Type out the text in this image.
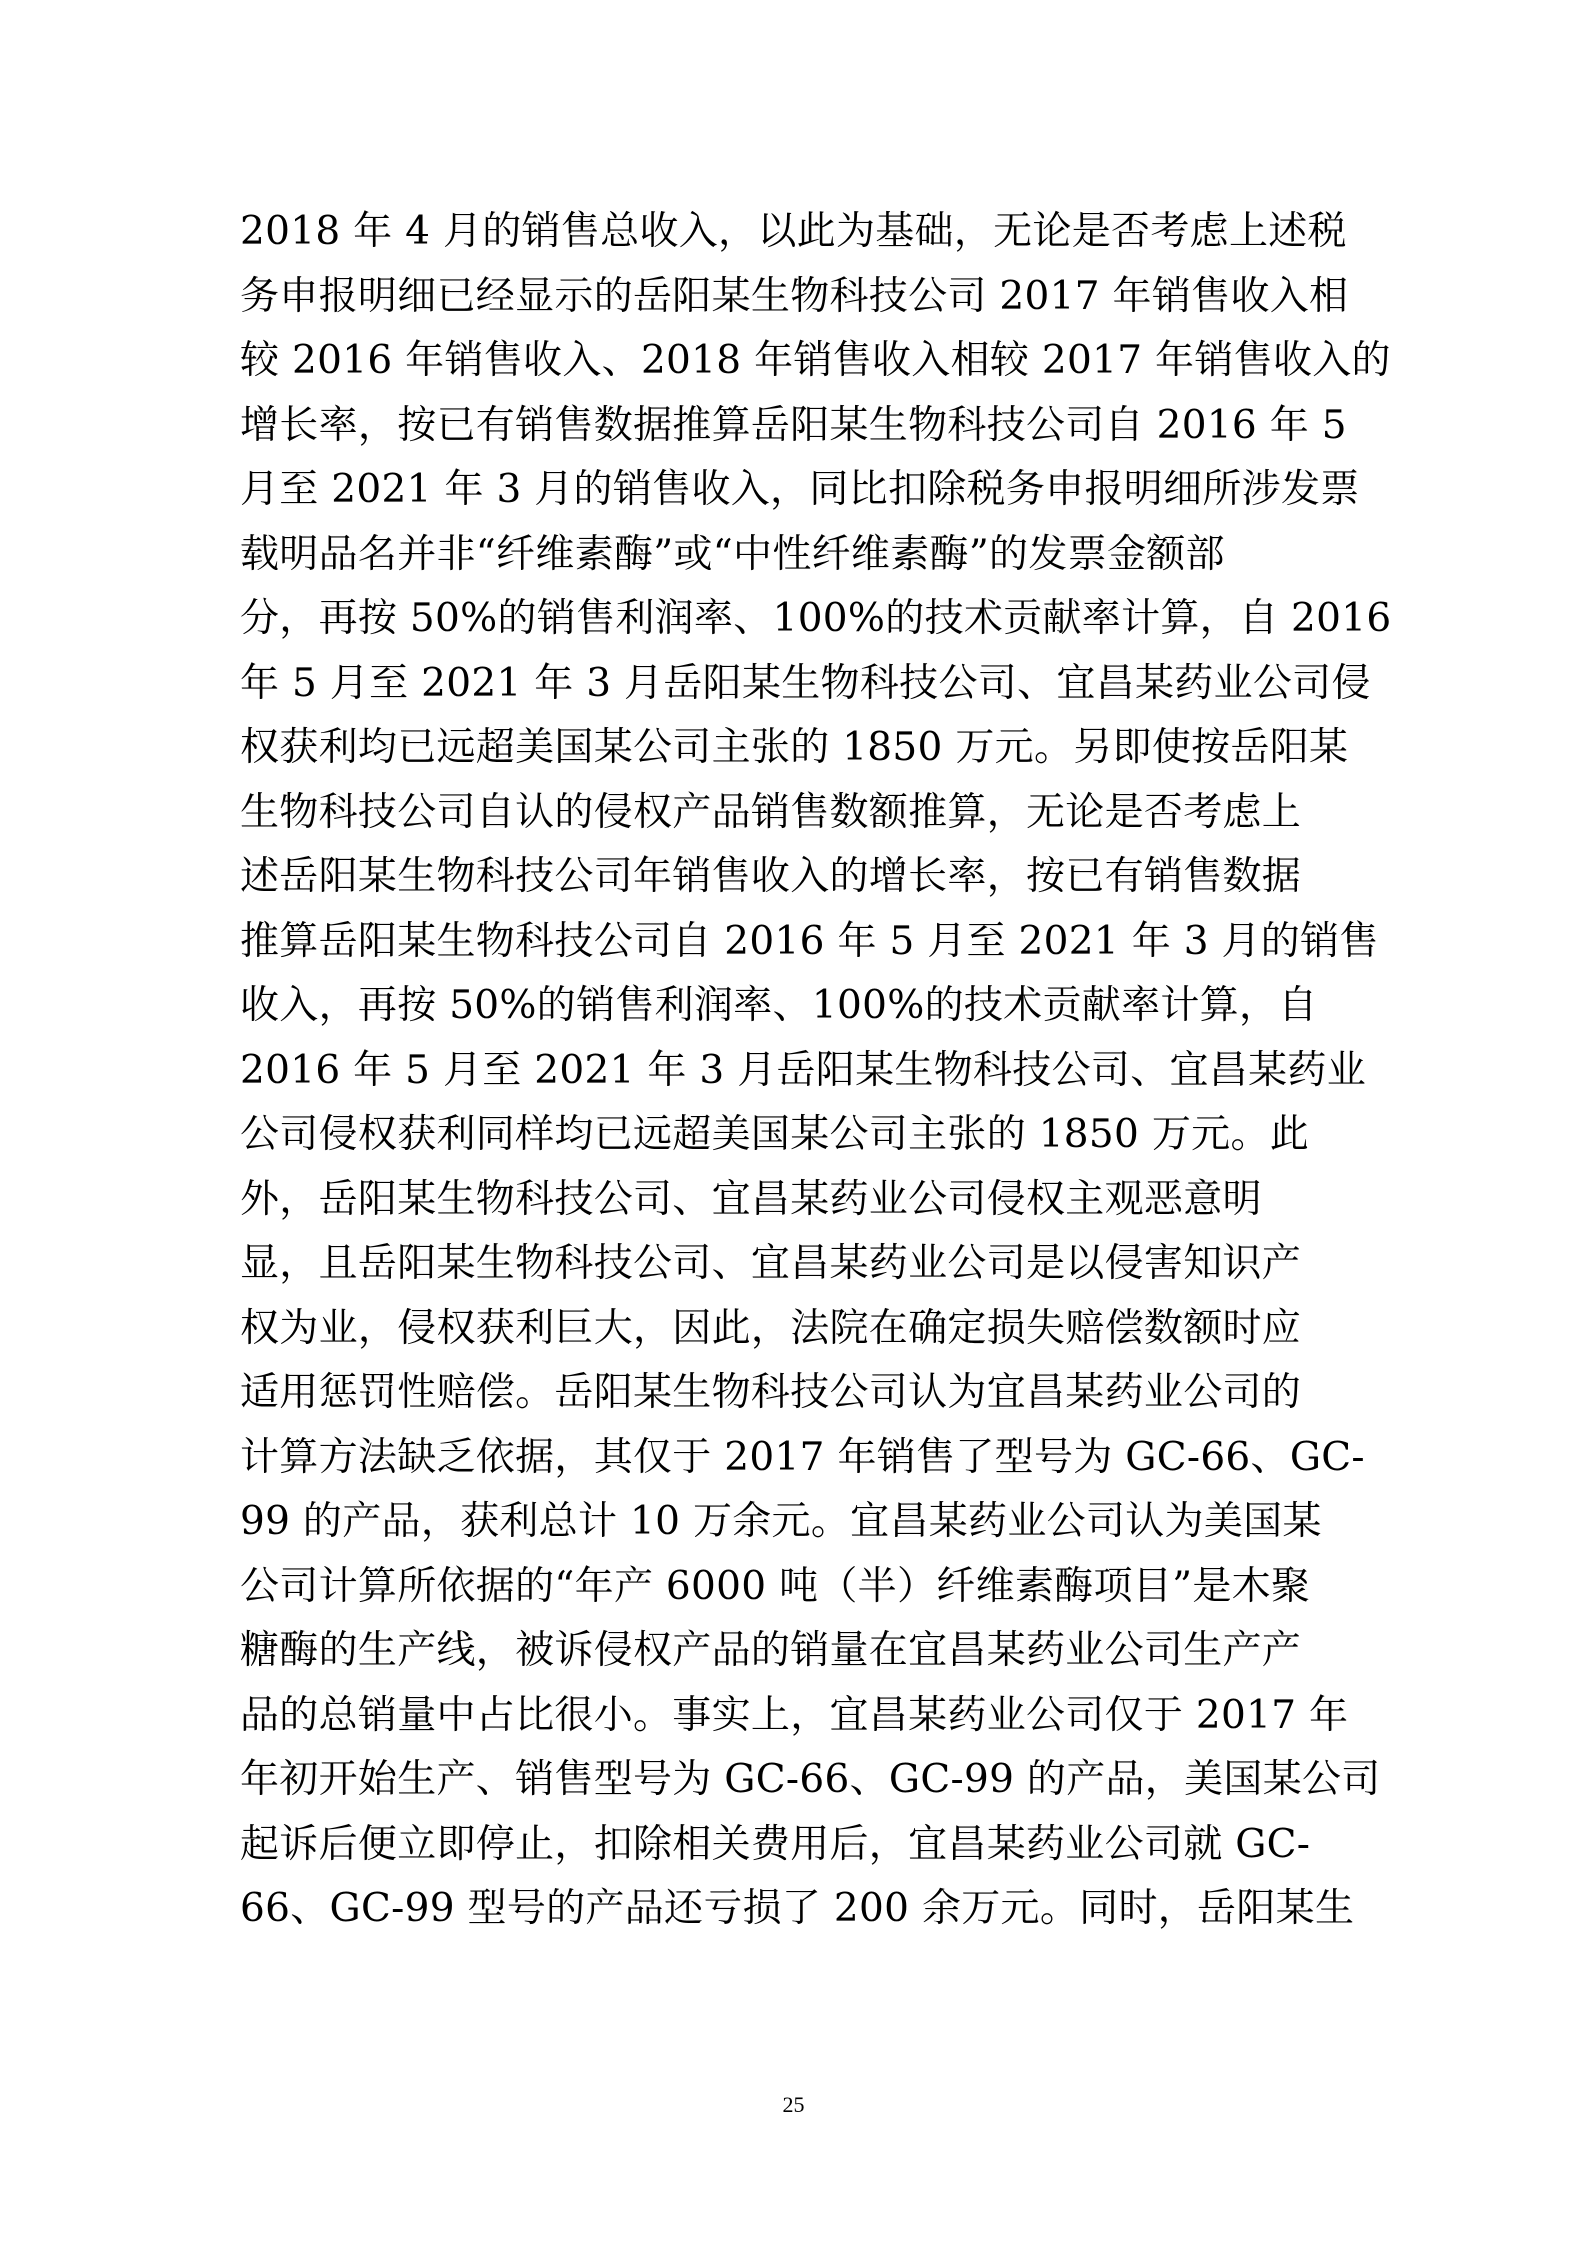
2018 年 4 月的销售总收入，以此为基础，无论是否考虑上述税
务申报明细已经显示的岳阳某生物科技公司 2017 年销售收入相
较 2016 年销售收入、2018 年销售收入相较 2017 年销售收入的
增长率，按已有销售数据推算岳阳某生物科技公司自 2016 年 5
月至 2021 年 3 月的销售收入，同比扣除税务申报明细所涉发票
载明品名并非“纤维素酶”或“中性纤维素酶”的发票金额部
分，再按 50%的销售利润率、100%的技术贡献率计算，自 2016
年 5 月至 2021 年 3 月岳阳某生物科技公司、宜昌某药业公司侵
权获利均已远超美国某公司主张的 1850 万元。另即使按岳阳某
生物科技公司自认的侵权产品销售数额推算，无论是否考虑上
述岳阳某生物科技公司年销售收入的增长率，按已有销售数据
推算岳阳某生物科技公司自 2016 年 5 月至 2021 年 3 月的销售
收入，再按 50%的销售利润率、100%的技术贡献率计算，自
2016 年 5 月至 2021 年 3 月岳阳某生物科技公司、宜昌某药业
公司侵权获利同样均已远超美国某公司主张的 1850 万元。此
外，岳阳某生物科技公司、宜昌某药业公司侵权主观恶意明
显，且岳阳某生物科技公司、宜昌某药业公司是以侵害知识产
权为业，侵权获利巨大，因此，法院在确定损失赔偿数额时应
适用惩罚性赔偿。岳阳某生物科技公司认为宜昌某药业公司的
计算方法缺乏依据，其仅于 2017 年销售了型号为 GC-66、GC-
99 的产品，获利总计 10 万余元。宜昌某药业公司认为美国某
公司计算所依据的“年产 6000 吨（半）纤维素酶项目”是木聚
糖酶的生产线，被诉侵权产品的销量在宜昌某药业公司生产产
品的总销量中占比很小。事实上，宜昌某药业公司仅于 2017 年
年初开始生产、销售型号为 GC-66、GC-99 的产品，美国某公司
起诉后便立即停止，扣除相关费用后，宜昌某药业公司就 GC-
66、GC-99 型号的产品还亏损了 200 余万元。同时，岳阳某生
25
